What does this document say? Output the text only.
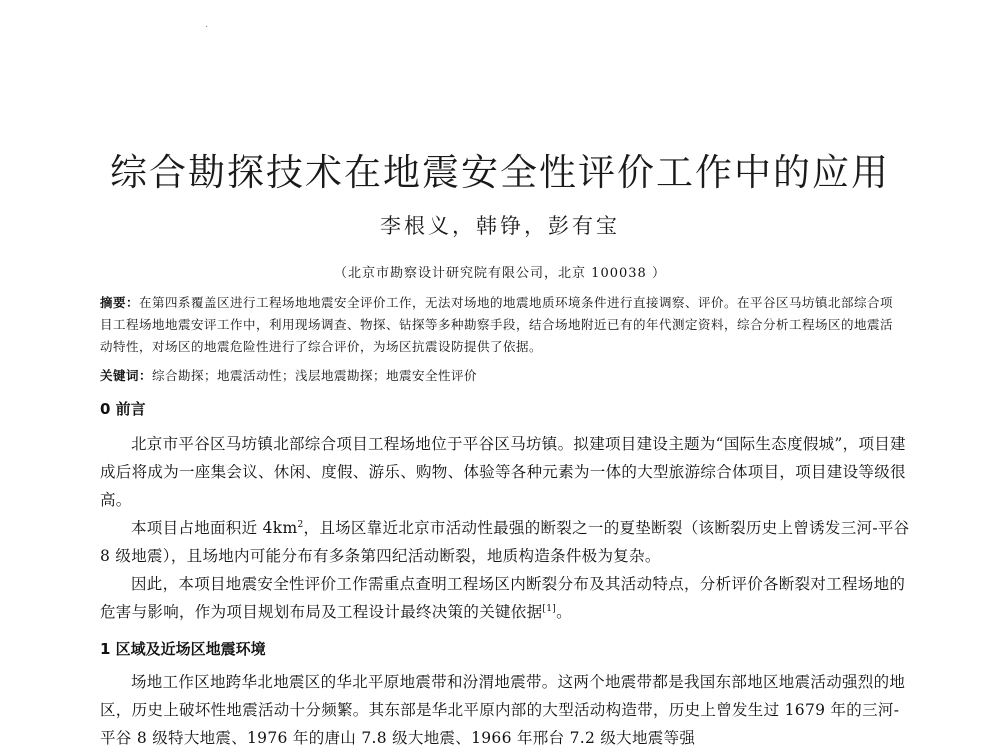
·
综合勘探技术在地震安全性评价工作中的应用
李根义，韩铮，彭有宝
（北京市勘察设计研究院有限公司，北京 100038 ）
摘要：在第四系覆盖区进行工程场地地震安全评价工作，无法对场地的地震地质环境条件进行直接调察、评价。在平谷区马坊镇北部综合项目工程场地地震安评工作中，利用现场调查、物探、钻探等多种勘察手段，结合场地附近已有的年代测定资料，综合分析工程场区的地震活动特性，对场区的地震危险性进行了综合评价，为场区抗震设防提供了依据。
关键词：综合勘探；地震活动性；浅层地震勘探；地震安全性评价
0 前言
北京市平谷区马坊镇北部综合项目工程场地位于平谷区马坊镇。拟建项目建设主题为“国际生态度假城”，项目建成后将成为一座集会议、休闲、度假、游乐、购物、体验等各种元素为一体的大型旅游综合体项目，项目建设等级很高。
本项目占地面积近 $4km^2$，且场区靠近北京市活动性最强的断裂之一的夏垫断裂（该断裂历史上曾诱发三河-平谷 8 级地震），且场地内可能分布有多条第四纪活动断裂，地质构造条件极为复杂。
因此，本项目地震安全性评价工作需重点查明工程场区内断裂分布及其活动特点，分析评价各断裂对工程场地的危害与影响，作为项目规划布局及工程设计最终决策的关键依据[1]。
1 区域及近场区地震环境
场地工作区地跨华北地震区的华北平原地震带和汾渭地震带。这两个地震带都是我国东部地区地震活动强烈的地区，历史上破坏性地震活动十分频繁。其东部是华北平原内部的大型活动构造带，历史上曾发生过 1679 年的三河-平谷 8 级特大地震、1976 年的唐山 7.8 级大地震、1966 年邢台 7.2 级大地震等强
